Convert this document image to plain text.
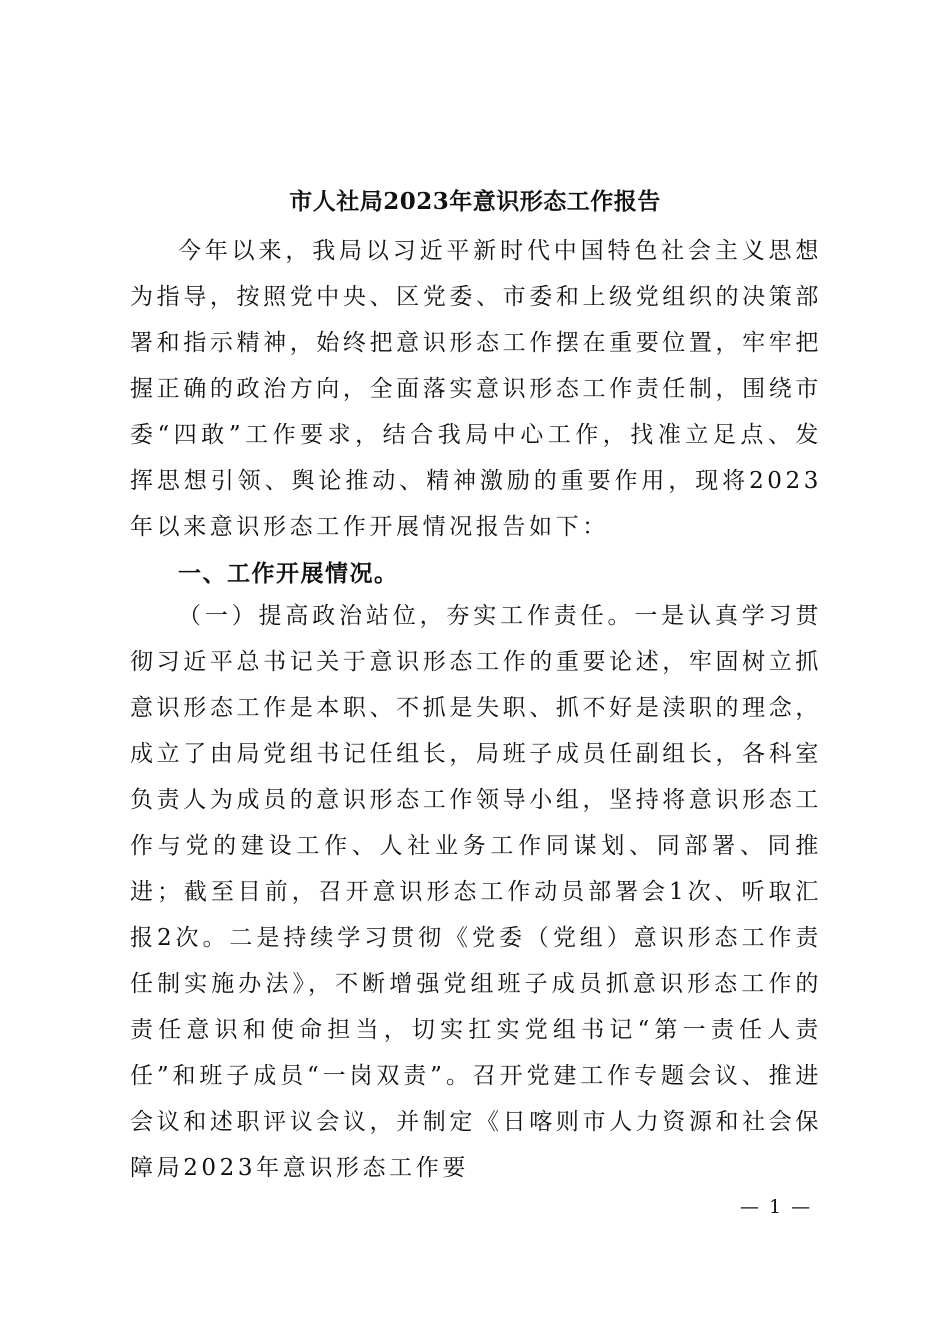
市人社局2023年意识形态工作报告

今年以来，我局以习近平新时代中国特色社会主义思想为指导，按照党中央、区党委、市委和上级党组织的决策部署和指示精神，始终把意识形态工作摆在重要位置，牢牢把握正确的政治方向，全面落实意识形态工作责任制，围绕市委“四敢”工作要求，结合我局中心工作，找准立足点、发挥思想引领、舆论推动、精神激励的重要作用，现将2023年以来意识形态工作开展情况报告如下：

一、工作开展情况。

（一）提高政治站位，夯实工作责任。一是认真学习贯彻习近平总书记关于意识形态工作的重要论述，牢固树立抓意识形态工作是本职、不抓是失职、抓不好是渎职的理念，成立了由局党组书记任组长，局班子成员任副组长，各科室负责人为成员的意识形态工作领导小组，坚持将意识形态工作与党的建设工作、人社业务工作同谋划、同部署、同推进；截至目前，召开意识形态工作动员部署会1次、听取汇报2次。二是持续学习贯彻《党委（党组）意识形态工作责任制实施办法》，不断增强党组班子成员抓意识形态工作的责任意识和使命担当，切实扛实党组书记“第一责任人责任”和班子成员“一岗双责”。召开党建工作专题会议、推进会议和述职评议会议，并制定《日喀则市人力资源和社会保障局2023年意识形态工作要

— 1 —
